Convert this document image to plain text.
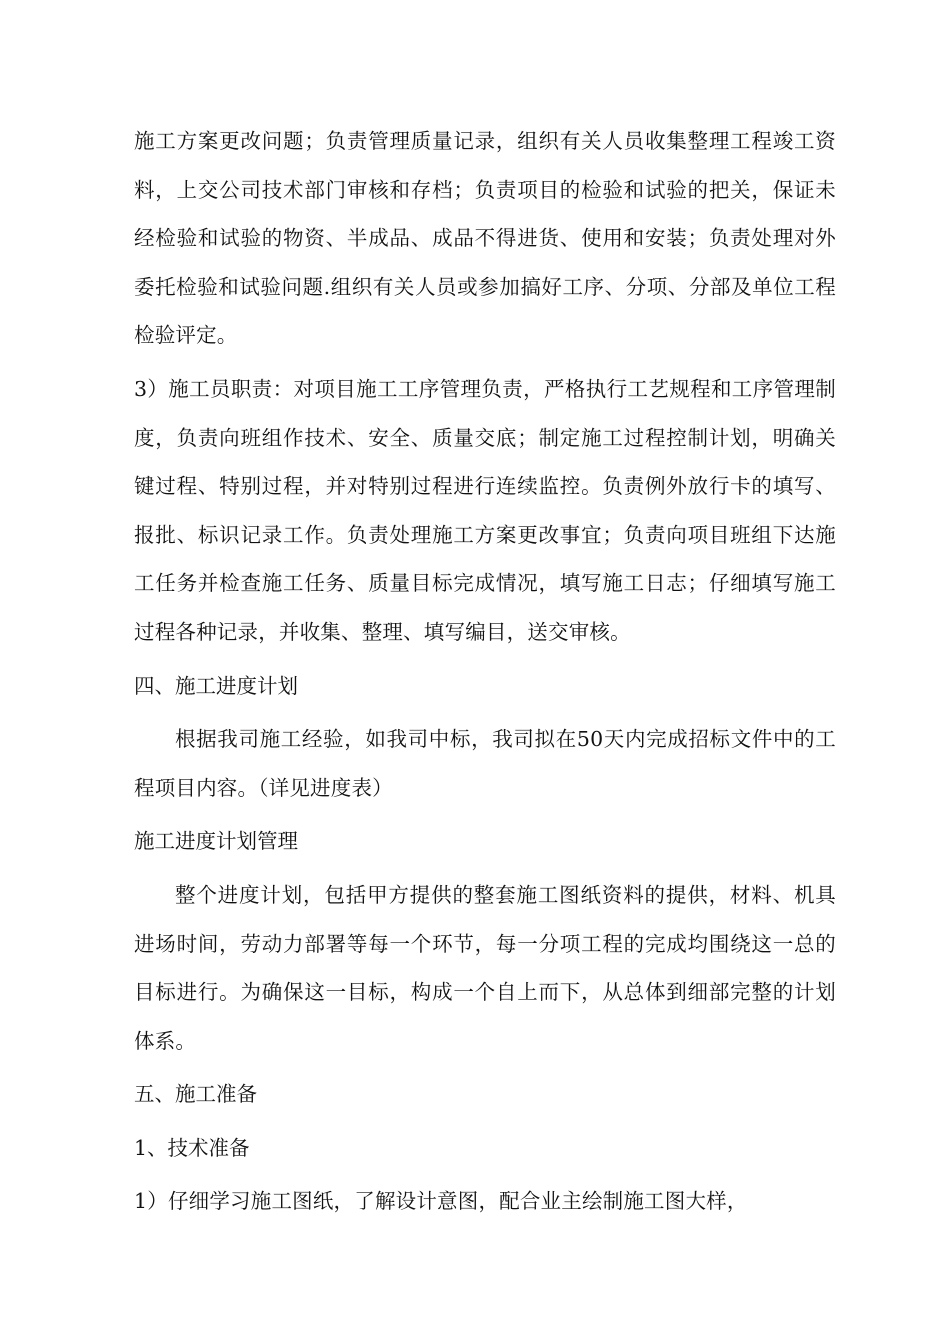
施工方案更改问题；负责管理质量记录，组织有关人员收集整理工程竣工资料，上交公司技术部门审核和存档；负责项目的检验和试验的把关，保证未经检验和试验的物资、半成品、成品不得进货、使用和安装；负责处理对外委托检验和试验问题.组织有关人员或参加搞好工序、分项、分部及单位工程检验评定。

3）施工员职责：对项目施工工序管理负责，严格执行工艺规程和工序管理制度，负责向班组作技术、安全、质量交底；制定施工过程控制计划，明确关键过程、特别过程，并对特别过程进行连续监控。负责例外放行卡的填写、报批、标识记录工作。负责处理施工方案更改事宜；负责向项目班组下达施工任务并检查施工任务、质量目标完成情况，填写施工日志；仔细填写施工过程各种记录，并收集、整理、填写编目，送交审核。

四、施工进度计划

根据我司施工经验，如我司中标，我司拟在50天内完成招标文件中的工程项目内容。（详见进度表）

施工进度计划管理

整个进度计划，包括甲方提供的整套施工图纸资料的提供，材料、机具进场时间，劳动力部署等每一个环节，每一分项工程的完成均围绕这一总的目标进行。为确保这一目标，构成一个自上而下，从总体到细部完整的计划体系。

五、施工准备

1、技术准备

1）仔细学习施工图纸，了解设计意图，配合业主绘制施工图大样，
